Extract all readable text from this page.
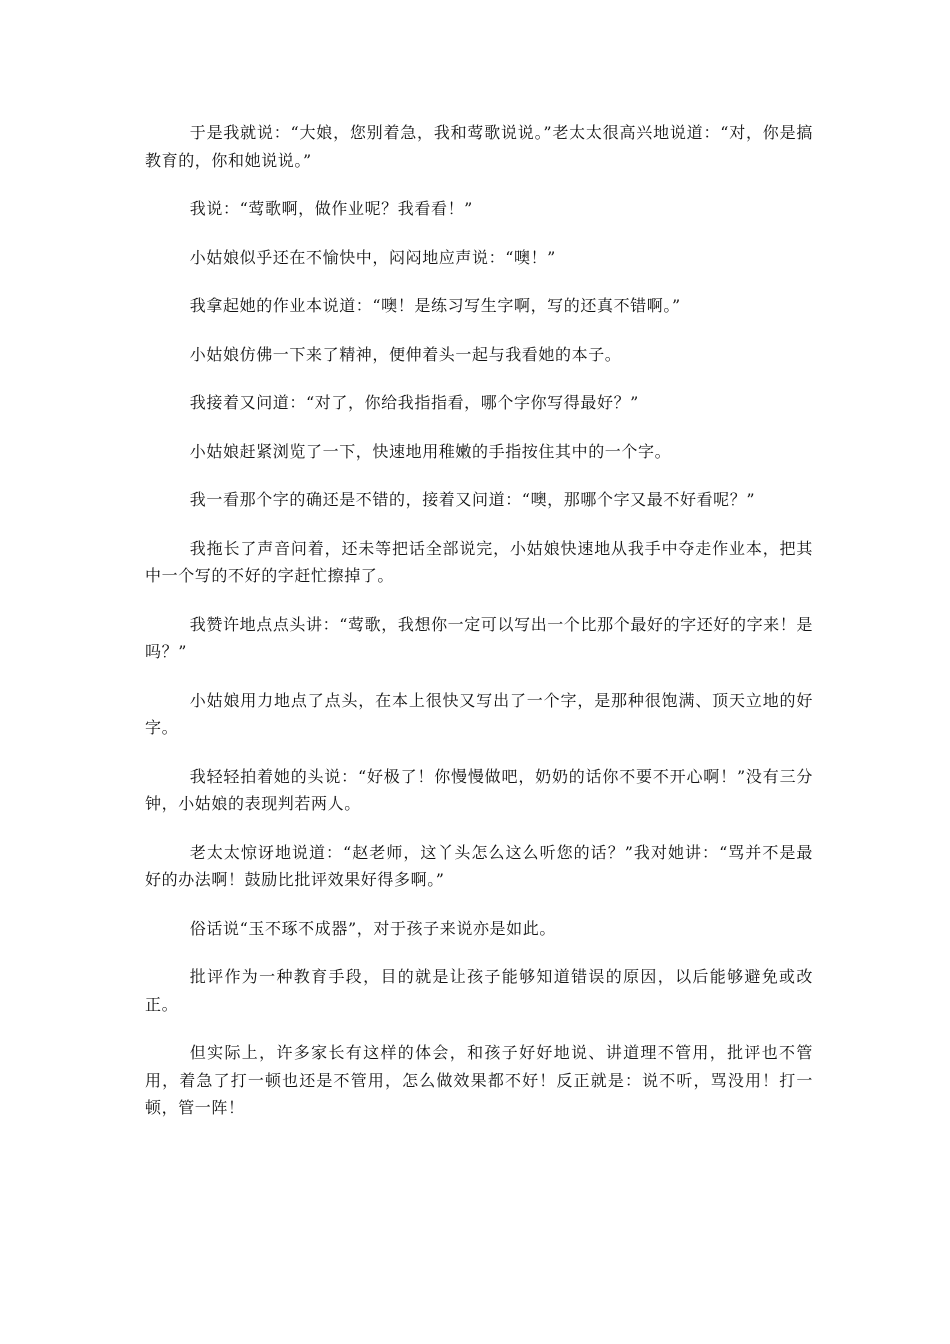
于是我就说：“大娘，您别着急，我和莺歌说说。”老太太很高兴地说道：“对，你是搞教育的，你和她说说。”

我说：“莺歌啊，做作业呢？我看看！”

小姑娘似乎还在不愉快中，闷闷地应声说：“噢！”

我拿起她的作业本说道：“噢！是练习写生字啊，写的还真不错啊。”

小姑娘仿佛一下来了精神，便伸着头一起与我看她的本子。

我接着又问道：“对了，你给我指指看，哪个字你写得最好？”

小姑娘赶紧浏览了一下，快速地用稚嫩的手指按住其中的一个字。

我一看那个字的确还是不错的，接着又问道：“噢，那哪个字又最不好看呢？”

我拖长了声音问着，还未等把话全部说完，小姑娘快速地从我手中夺走作业本，把其中一个写的不好的字赶忙擦掉了。

我赞许地点点头讲：“莺歌，我想你一定可以写出一个比那个最好的字还好的字来！是吗？”

小姑娘用力地点了点头，在本上很快又写出了一个字，是那种很饱满、顶天立地的好字。

我轻轻拍着她的头说：“好极了！你慢慢做吧，奶奶的话你不要不开心啊！”没有三分钟，小姑娘的表现判若两人。

老太太惊讶地说道：“赵老师，这丫头怎么这么听您的话？”我对她讲：“骂并不是最好的办法啊！鼓励比批评效果好得多啊。”

俗话说“玉不琢不成器”，对于孩子来说亦是如此。

批评作为一种教育手段，目的就是让孩子能够知道错误的原因，以后能够避免或改正。

但实际上，许多家长有这样的体会，和孩子好好地说、讲道理不管用，批评也不管用，着急了打一顿也还是不管用，怎么做效果都不好！反正就是：说不听，骂没用！打一顿，管一阵！
